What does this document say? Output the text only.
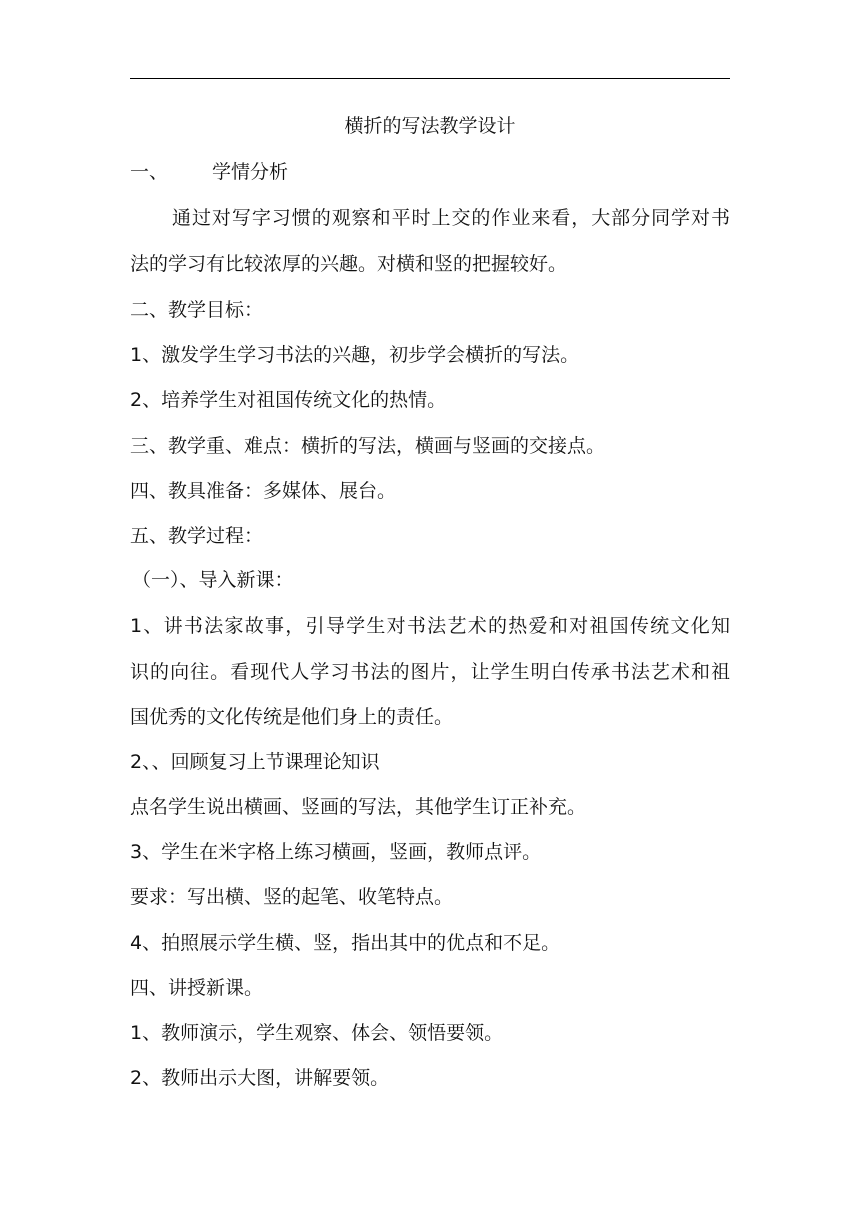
横折的写法教学设计
一、 学情分析
通过对写字习惯的观察和平时上交的作业来看，大部分同学对书
法的学习有比较浓厚的兴趣。对横和竖的把握较好。
二、教学目标：
1、激发学生学习书法的兴趣，初步学会横折的写法。
2、培养学生对祖国传统文化的热情。
三、教学重、难点：横折的写法，横画与竖画的交接点。
四、教具准备：多媒体、展台。
五、教学过程：
（一）、导入新课：
1、讲书法家故事，引导学生对书法艺术的热爱和对祖国传统文化知
识的向往。看现代人学习书法的图片，让学生明白传承书法艺术和祖
国优秀的文化传统是他们身上的责任。
2、、回顾复习上节课理论知识
点名学生说出横画、竖画的写法，其他学生订正补充。
3、学生在米字格上练习横画，竖画，教师点评。
要求：写出横、竖的起笔、收笔特点。
4、拍照展示学生横、竖，指出其中的优点和不足。
四、讲授新课。
1、教师演示，学生观察、体会、领悟要领。
2、教师出示大图，讲解要领。
